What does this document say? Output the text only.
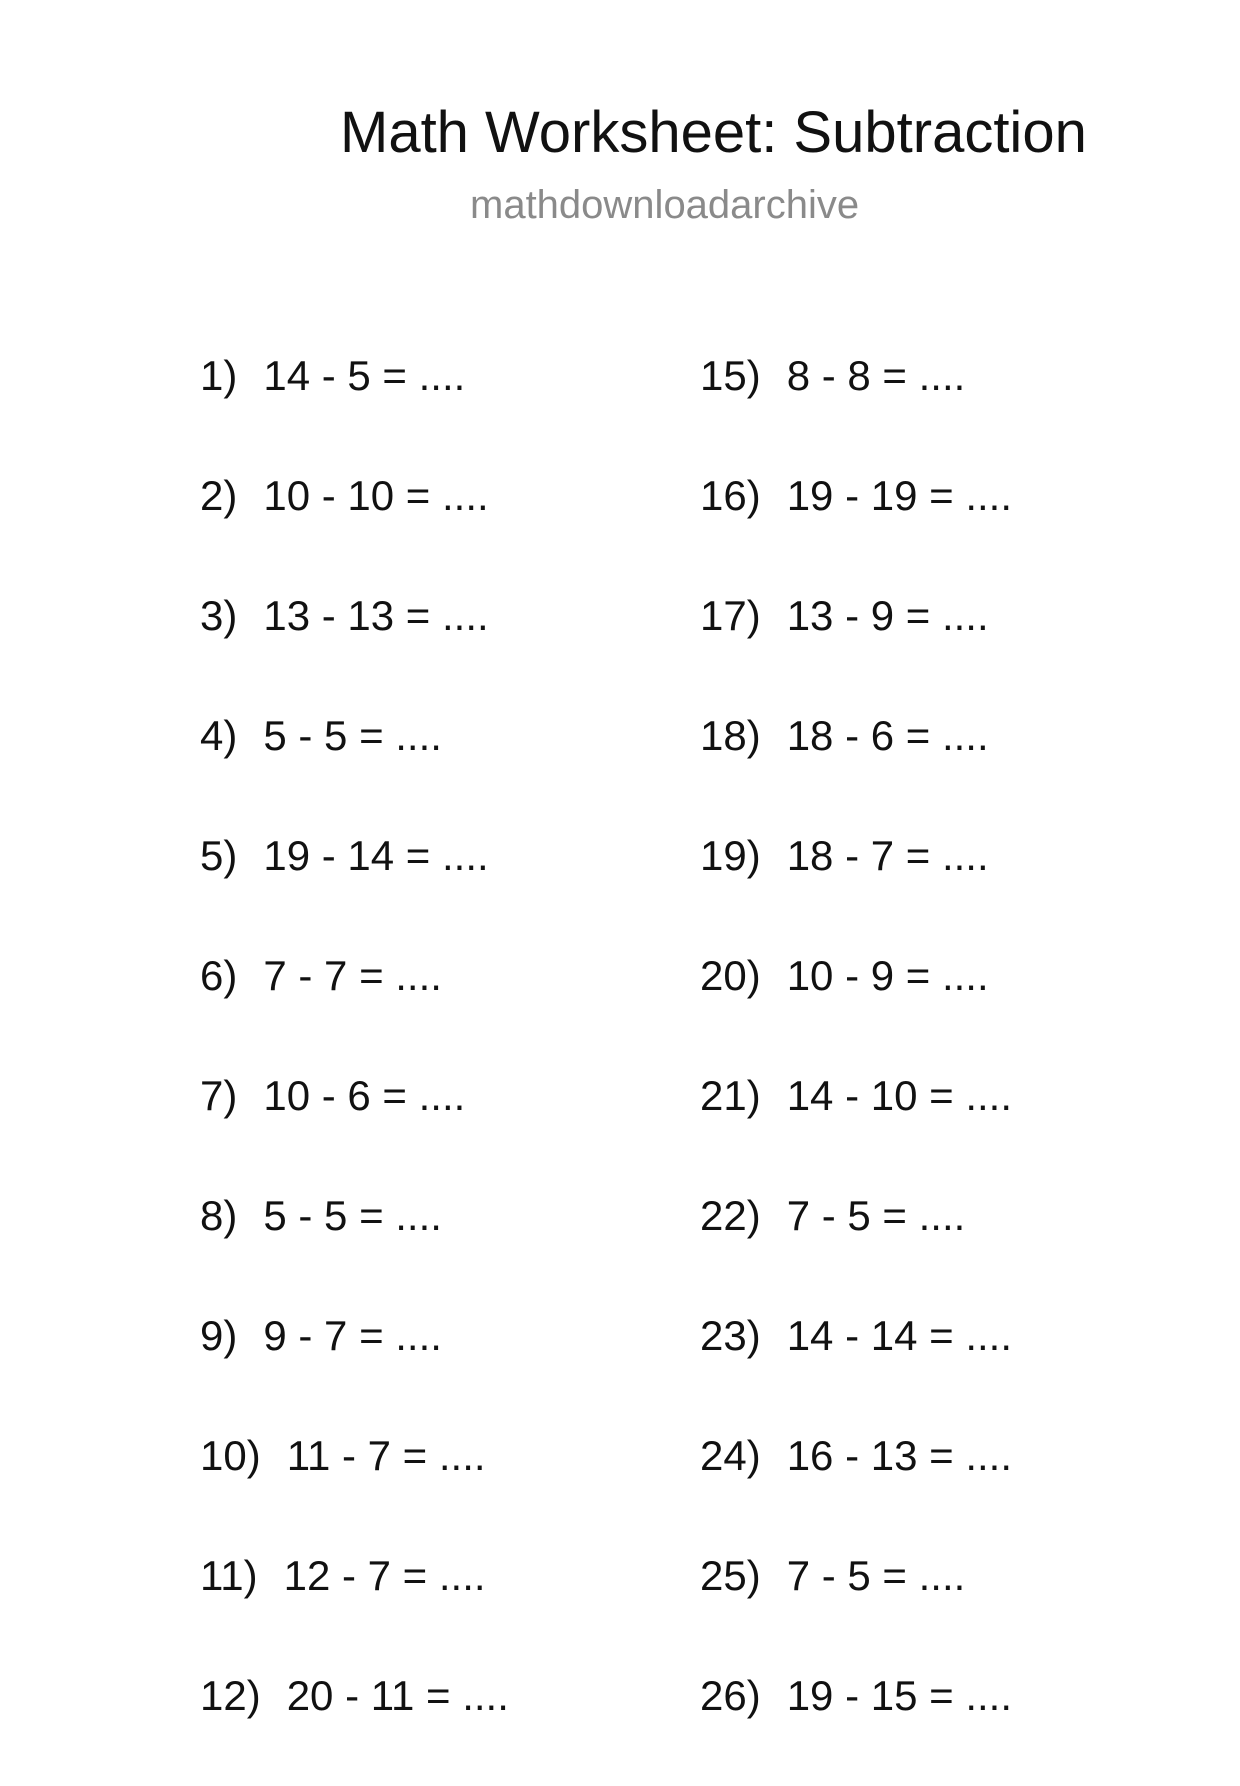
Math Worksheet: Subtraction
mathdownloadarchive
1) 14 - 5 = ....
2) 10 - 10 = ....
3) 13 - 13 = ....
4) 5 - 5 = ....
5) 19 - 14 = ....
6) 7 - 7 = ....
7) 10 - 6 = ....
8) 5 - 5 = ....
9) 9 - 7 = ....
10) 11 - 7 = ....
11) 12 - 7 = ....
12) 20 - 11 = ....
15) 8 - 8 = ....
16) 19 - 19 = ....
17) 13 - 9 = ....
18) 18 - 6 = ....
19) 18 - 7 = ....
20) 10 - 9 = ....
21) 14 - 10 = ....
22) 7 - 5 = ....
23) 14 - 14 = ....
24) 16 - 13 = ....
25) 7 - 5 = ....
26) 19 - 15 = ....
